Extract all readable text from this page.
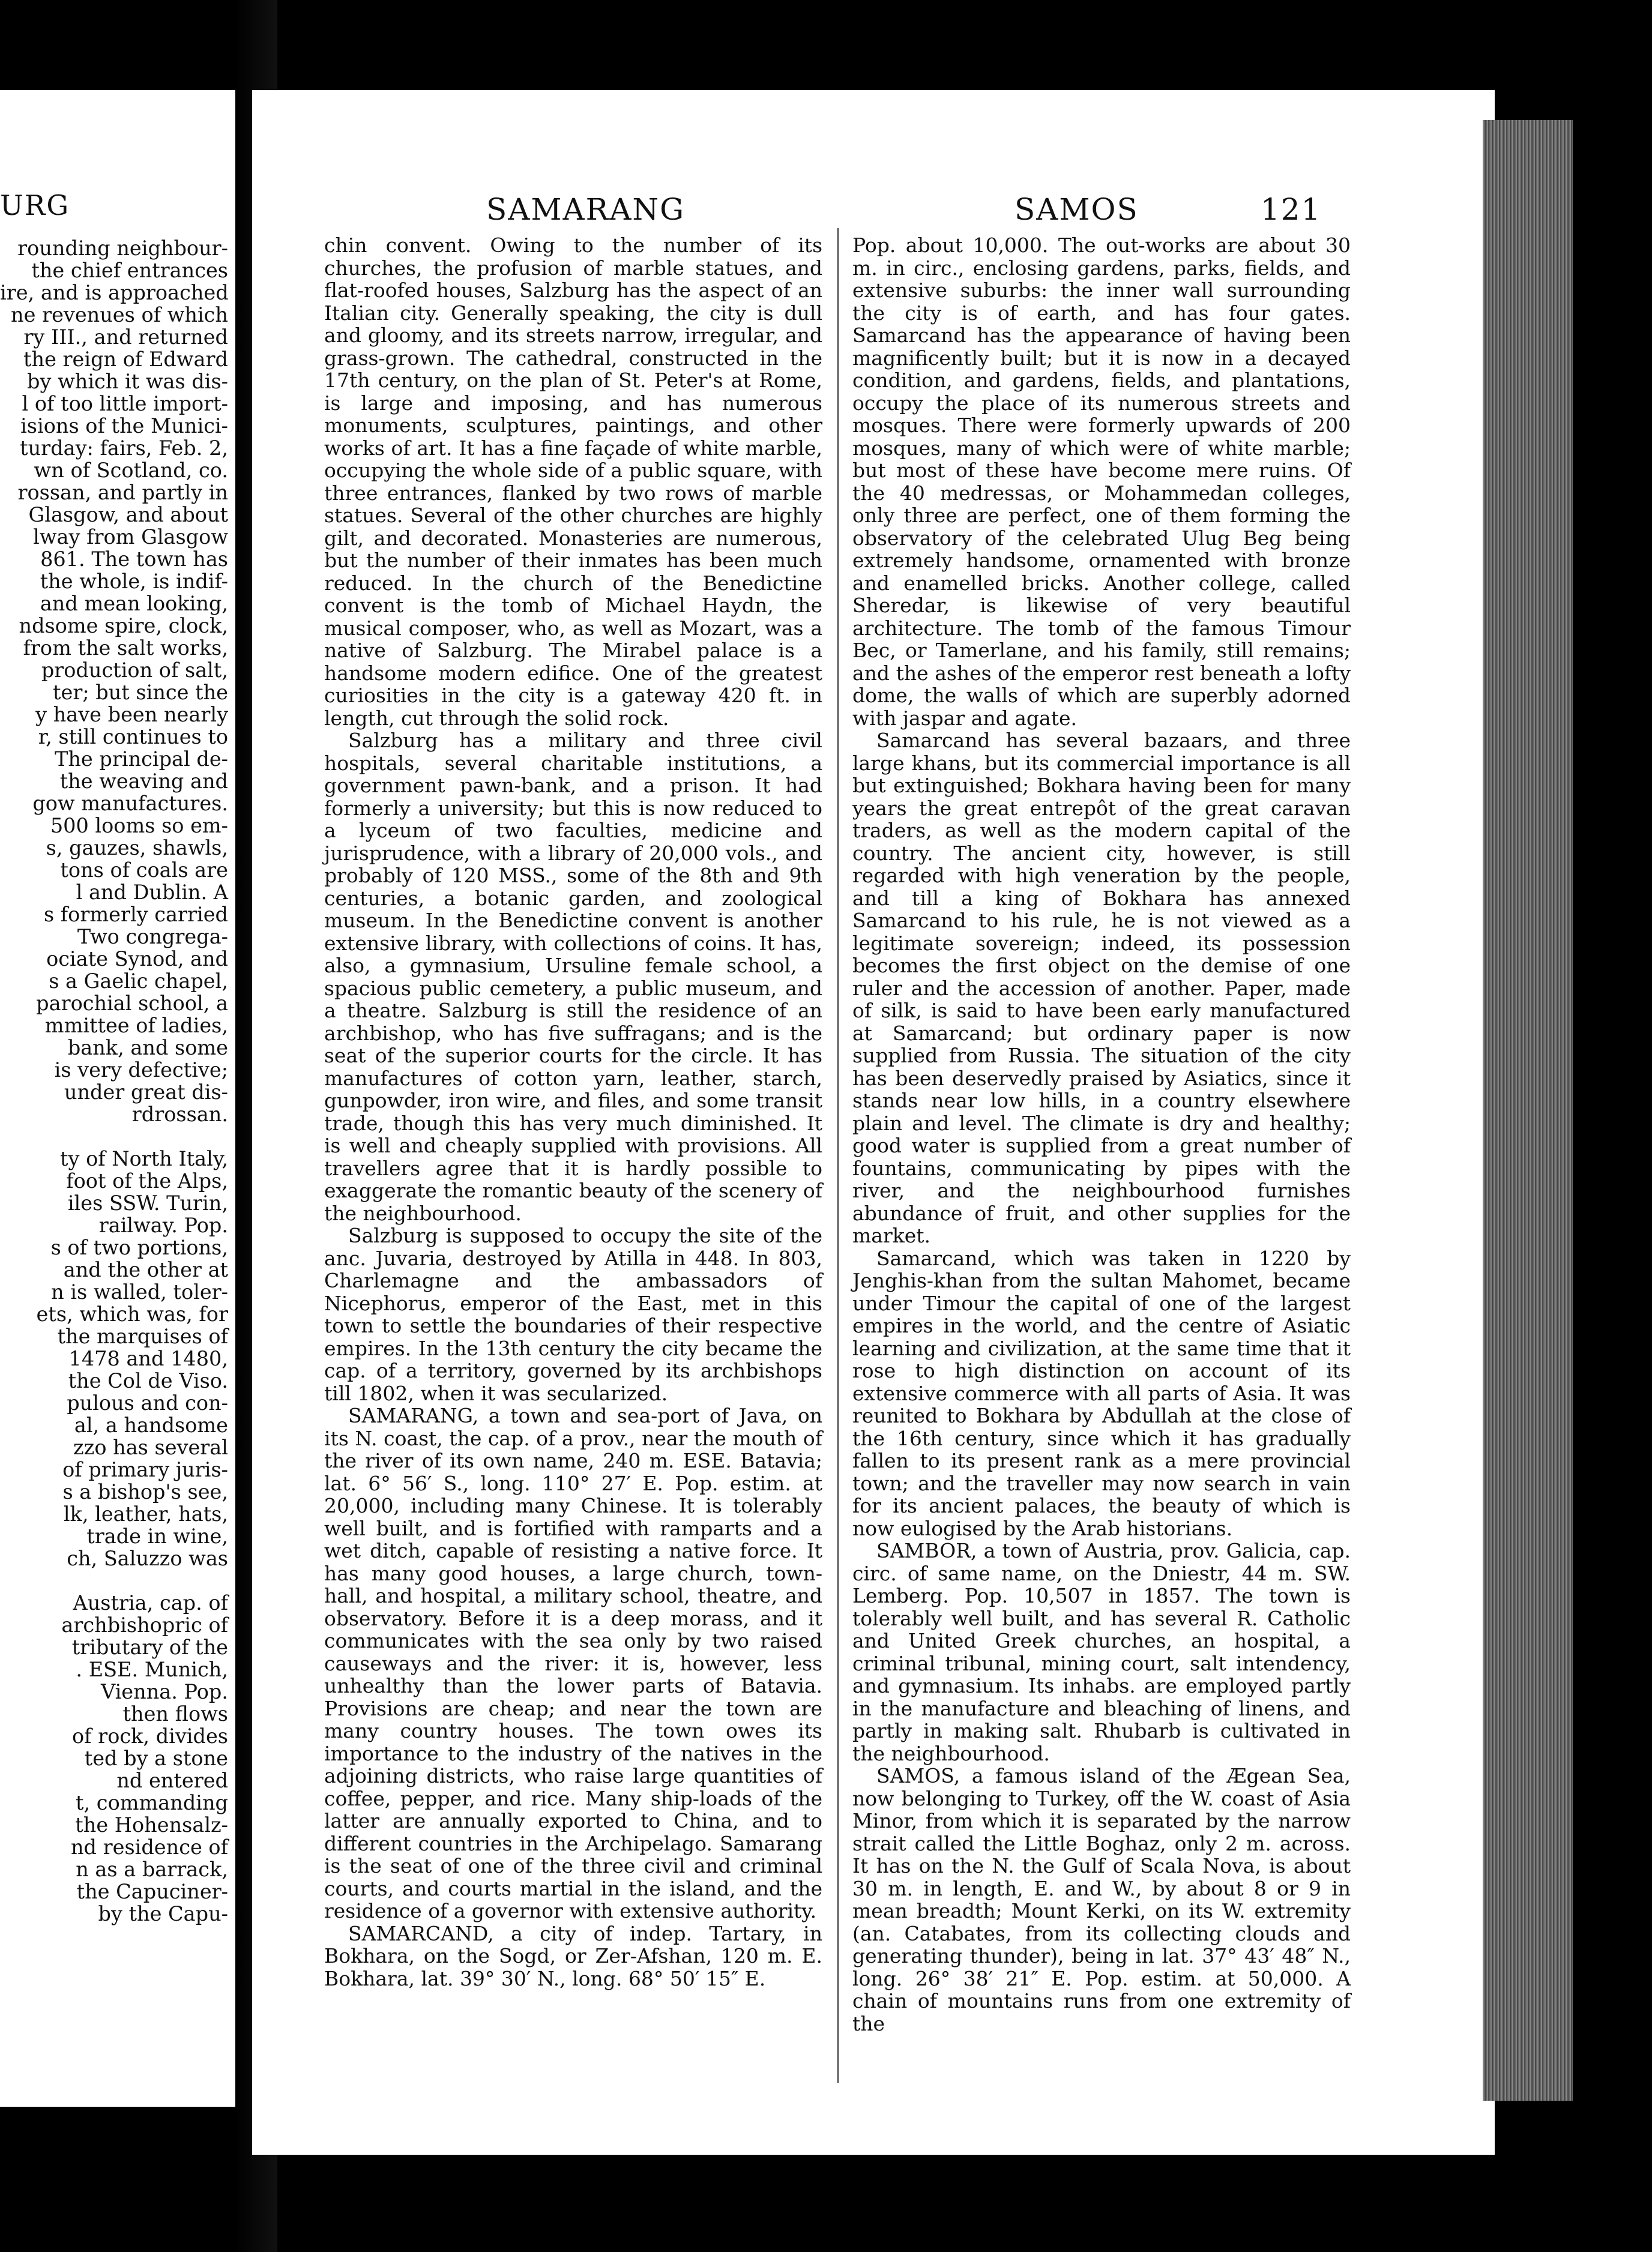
URG
rounding neighbour-
the chief entrances
ire, and is approached
ne revenues of which
ry III., and returned
the reign of Edward
by which it was dis-
l of too little import-
isions of the Munici-
turday: fairs, Feb. 2,
wn of Scotland, co.
rossan, and partly in
Glasgow, and about
lway from Glasgow
861. The town has
the whole, is indif-
and mean looking,
ndsome spire, clock,
from the salt works,
production of salt,
ter; but since the
y have been nearly
r, still continues to
The principal de-
the weaving and
gow manufactures.
500 looms so em-
s, gauzes, shawls,
tons of coals are
l and Dublin. A
s formerly carried
Two congrega-
ociate Synod, and
s a Gaelic chapel,
parochial school, a
mmittee of ladies,
bank, and some
is very defective;
under great dis-
rdrossan.
ty of North Italy,
foot of the Alps,
iles SSW. Turin,
railway. Pop.
s of two portions,
and the other at
n is walled, toler-
ets, which was, for
the marquises of
1478 and 1480,
the Col de Viso.
pulous and con-
al, a handsome
zzo has several
of primary juris-
s a bishop's see,
lk, leather, hats,
trade in wine,
ch, Saluzzo was
Austria, cap. of
archbishopric of
tributary of the
. ESE. Munich,
Vienna. Pop.
then flows
of rock, divides
ted by a stone
nd entered
t, commanding
the Hohensalz-
nd residence of
n as a barrack,
the Capuciner-
by the Capu-
SAMARANG	SAMOS	121

chin convent. Owing to the number of its churches, the profusion of marble statues, and flat-roofed houses, Salzburg has the aspect of an Italian city. Generally speaking, the city is dull and gloomy, and its streets narrow, irregular, and grass-grown. The cathedral, constructed in the 17th century, on the plan of St. Peter's at Rome, is large and imposing, and has numerous monuments, sculptures, paintings, and other works of art. It has a fine façade of white marble, occupying the whole side of a public square, with three entrances, flanked by two rows of marble statues. Several of the other churches are highly gilt, and decorated. Monasteries are numerous, but the number of their inmates has been much reduced. In the church of the Benedictine convent is the tomb of Michael Haydn, the musical composer, who, as well as Mozart, was a native of Salzburg. The Mirabel palace is a handsome modern edifice. One of the greatest curiosities in the city is a gateway 420 ft. in length, cut through the solid rock.

Salzburg has a military and three civil hospitals, several charitable institutions, a government pawn-bank, and a prison. It had formerly a university; but this is now reduced to a lyceum of two faculties, medicine and jurisprudence, with a library of 20,000 vols., and probably of 120 MSS., some of the 8th and 9th centuries, a botanic garden, and zoological museum. In the Benedictine convent is another extensive library, with collections of coins. It has, also, a gymnasium, Ursuline female school, a spacious public cemetery, a public museum, and a theatre. Salzburg is still the residence of an archbishop, who has five suffragans; and is the seat of the superior courts for the circle. It has manufactures of cotton yarn, leather, starch, gunpowder, iron wire, and files, and some transit trade, though this has very much diminished. It is well and cheaply supplied with provisions. All travellers agree that it is hardly possible to exaggerate the romantic beauty of the scenery of the neighbourhood.

Salzburg is supposed to occupy the site of the anc. Juvaria, destroyed by Atilla in 448. In 803, Charlemagne and the ambassadors of Nicephorus, emperor of the East, met in this town to settle the boundaries of their respective empires. In the 13th century the city became the cap. of a territory, governed by its archbishops till 1802, when it was secularized.

SAMARANG, a town and sea-port of Java, on its N. coast, the cap. of a prov., near the mouth of the river of its own name, 240 m. ESE. Batavia; lat. 6° 56′ S., long. 110° 27′ E. Pop. estim. at 20,000, including many Chinese. It is tolerably well built, and is fortified with ramparts and a wet ditch, capable of resisting a native force. It has many good houses, a large church, town-hall, and hospital, a military school, theatre, and observatory. Before it is a deep morass, and it communicates with the sea only by two raised causeways and the river: it is, however, less unhealthy than the lower parts of Batavia. Provisions are cheap; and near the town are many country houses. The town owes its importance to the industry of the natives in the adjoining districts, who raise large quantities of coffee, pepper, and rice. Many ship-loads of the latter are annually exported to China, and to different countries in the Archipelago. Samarang is the seat of one of the three civil and criminal courts, and courts martial in the island, and the residence of a governor with extensive authority.

SAMARCAND, a city of indep. Tartary, in Bokhara, on the Sogd, or Zer-Afshan, 120 m. E. Bokhara, lat. 39° 30′ N., long. 68° 50′ 15″ E.

Pop. about 10,000. The out-works are about 30 m. in circ., enclosing gardens, parks, fields, and extensive suburbs: the inner wall surrounding the city is of earth, and has four gates. Samarcand has the appearance of having been magnificently built; but it is now in a decayed condition, and gardens, fields, and plantations, occupy the place of its numerous streets and mosques. There were formerly upwards of 200 mosques, many of which were of white marble; but most of these have become mere ruins. Of the 40 medressas, or Mohammedan colleges, only three are perfect, one of them forming the observatory of the celebrated Ulug Beg being extremely handsome, ornamented with bronze and enamelled bricks. Another college, called Sheredar, is likewise of very beautiful architecture. The tomb of the famous Timour Bec, or Tamerlane, and his family, still remains; and the ashes of the emperor rest beneath a lofty dome, the walls of which are superbly adorned with jaspar and agate.

Samarcand has several bazaars, and three large khans, but its commercial importance is all but extinguished; Bokhara having been for many years the great entrepôt of the great caravan traders, as well as the modern capital of the country. The ancient city, however, is still regarded with high veneration by the people, and till a king of Bokhara has annexed Samarcand to his rule, he is not viewed as a legitimate sovereign; indeed, its possession becomes the first object on the demise of one ruler and the accession of another. Paper, made of silk, is said to have been early manufactured at Samarcand; but ordinary paper is now supplied from Russia. The situation of the city has been deservedly praised by Asiatics, since it stands near low hills, in a country elsewhere plain and level. The climate is dry and healthy; good water is supplied from a great number of fountains, communicating by pipes with the river, and the neighbourhood furnishes abundance of fruit, and other supplies for the market.

Samarcand, which was taken in 1220 by Jenghis-khan from the sultan Mahomet, became under Timour the capital of one of the largest empires in the world, and the centre of Asiatic learning and civilization, at the same time that it rose to high distinction on account of its extensive commerce with all parts of Asia. It was reunited to Bokhara by Abdullah at the close of the 16th century, since which it has gradually fallen to its present rank as a mere provincial town; and the traveller may now search in vain for its ancient palaces, the beauty of which is now eulogised by the Arab historians.

SAMBOR, a town of Austria, prov. Galicia, cap. circ. of same name, on the Dniestr, 44 m. SW. Lemberg. Pop. 10,507 in 1857. The town is tolerably well built, and has several R. Catholic and United Greek churches, an hospital, a criminal tribunal, mining court, salt intendency, and gymnasium. Its inhabs. are employed partly in the manufacture and bleaching of linens, and partly in making salt. Rhubarb is cultivated in the neighbourhood.

SAMOS, a famous island of the Ægean Sea, now belonging to Turkey, off the W. coast of Asia Minor, from which it is separated by the narrow strait called the Little Boghaz, only 2 m. across. It has on the N. the Gulf of Scala Nova, is about 30 m. in length, E. and W., by about 8 or 9 in mean breadth; Mount Kerki, on its W. extremity (an. Catabates, from its collecting clouds and generating thunder), being in lat. 37° 43′ 48″ N., long. 26° 38′ 21″ E. Pop. estim. at 50,000. A chain of mountains runs from one extremity of the
